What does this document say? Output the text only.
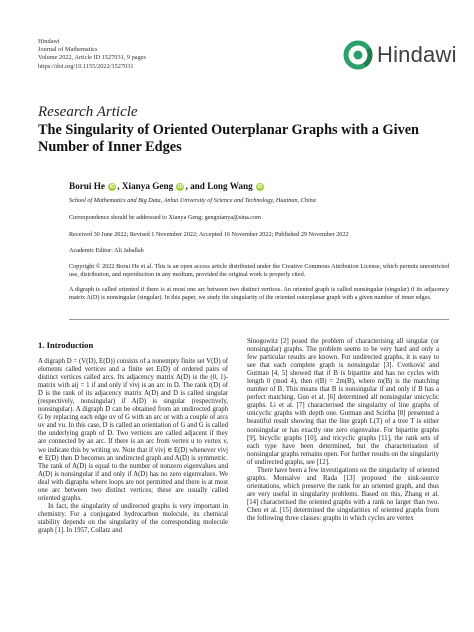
Hindawi
Journal of Mathematics
Volume 2022, Article ID 1527031, 9 pages
https://doi.org/10.1155/2022/1527031	Hindawi
Research Article
The Singularity of Oriented Outerplanar Graphs with a Given Number of Inner Edges
Borui He iD , Xianya Geng iD , and Long Wang iD
School of Mathematics and Big Data, Anhui University of Science and Technology, Huainan, China
Correspondence should be addressed to Xianya Geng; gengxianya@sina.com
Received 30 June 2022; Revised 1 November 2022; Accepted 16 November 2022; Published 29 November 2022
Academic Editor: Ali Jaballah
Copyright © 2022 Borui He et al. This is an open access article distributed under the Creative Commons Attribution License, which permits unrestricted use, distribution, and reproduction in any medium, provided the original work is properly cited.
A digraph is called oriented if there is at most one arc between two distinct vertices. An oriented graph is called nonsingular (singular) if its adjacency matrix A(D) is nonsingular (singular). In this paper, we study the singularity of the oriented outerplanar graph with a given number of inner edges.
1. Introduction

A digraph D = (V(D), E(D)) consists of a nonempty finite set V(D) of elements called vertices and a finite set E(D) of ordered pairs of distinct vertices called arcs. Its adjacency matrix A(D) is the (0, 1)-matrix with aij = 1 if and only if vivj is an arc in D. The rank r(D) of D is the rank of its adjacency matrix A(D) and D is called singular (respectively, nonsingular) if A(D) is singular (respectively, nonsingular). A digraph D can be obtained from an undirected graph G by replacing each edge uv of G with an arc or with a couple of arcs uv and vu. In this case, D is called an orientation of G and G is called the underlying graph of D. Two vertices are called adjacent if they are connected by an arc. If there is an arc from vertex u to vertex v, we indicate this by writing uv. Note that if vivj ∈ E(D) whenever vivj ∈ E(D) then D becomes an undirected graph and A(D) is symmetric. The rank of A(D) is equal to the number of nonzero eigenvalues and A(D) is nonsingular if and only if A(D) has no zero eigenvalues. We deal with digraphs where loops are not permitted and there is at most one arc between two distinct vertices; these are usually called oriented graphs.

In fact, the singularity of undirected graphs is very important in chemistry. For a conjugated hydrocarbon molecule, its chemical stability depends on the singularity of the corresponding molecule graph [1]. In 1957, Collatz and

Sinogowitz [2] posed the problem of characterising all singular (or nonsingular) graphs. The problem seems to be very hard and only a few particular results are known. For undirected graphs, it is easy to see that each complete graph is nonsingular [3]. Cvetković and Gutman [4, 5] showed that if B is bipartite and has no cycles with length 0 (mod 4), then r(B) = 2m(B), where m(B) is the matching number of B. This means that B is nonsingular if and only if B has a perfect matching. Guo et al. [6] determined all nonsingular unicyclic graphs. Li et al. [7] characterised the singularity of line graphs of unicyclic graphs with depth one. Gutman and Sciriha [8] presented a beautiful result showing that the line graph L(T) of a tree T is either nonsingular or has exactly one zero eigenvalue. For bipartite graphs [9], bicyclic graphs [10], and tricyclic graphs [11], the rank sets of each type have been determined, but the characterisation of nonsingular graphs remains open. For further results on the singularity of undirected graphs, see [12].

There have been a few investigations on the singularity of oriented graphs. Monsalve and Rada [13] proposed the sink-source orientations, which preserve the rank for an oriented graph, and thus are very useful in singularity problems. Based on this, Zhang et al. [14] characterised the oriented graphs with a rank no larger than two. Chen et al. [15] determined the singularities of oriented graphs from the following three classes: graphs in which cycles are vertex
